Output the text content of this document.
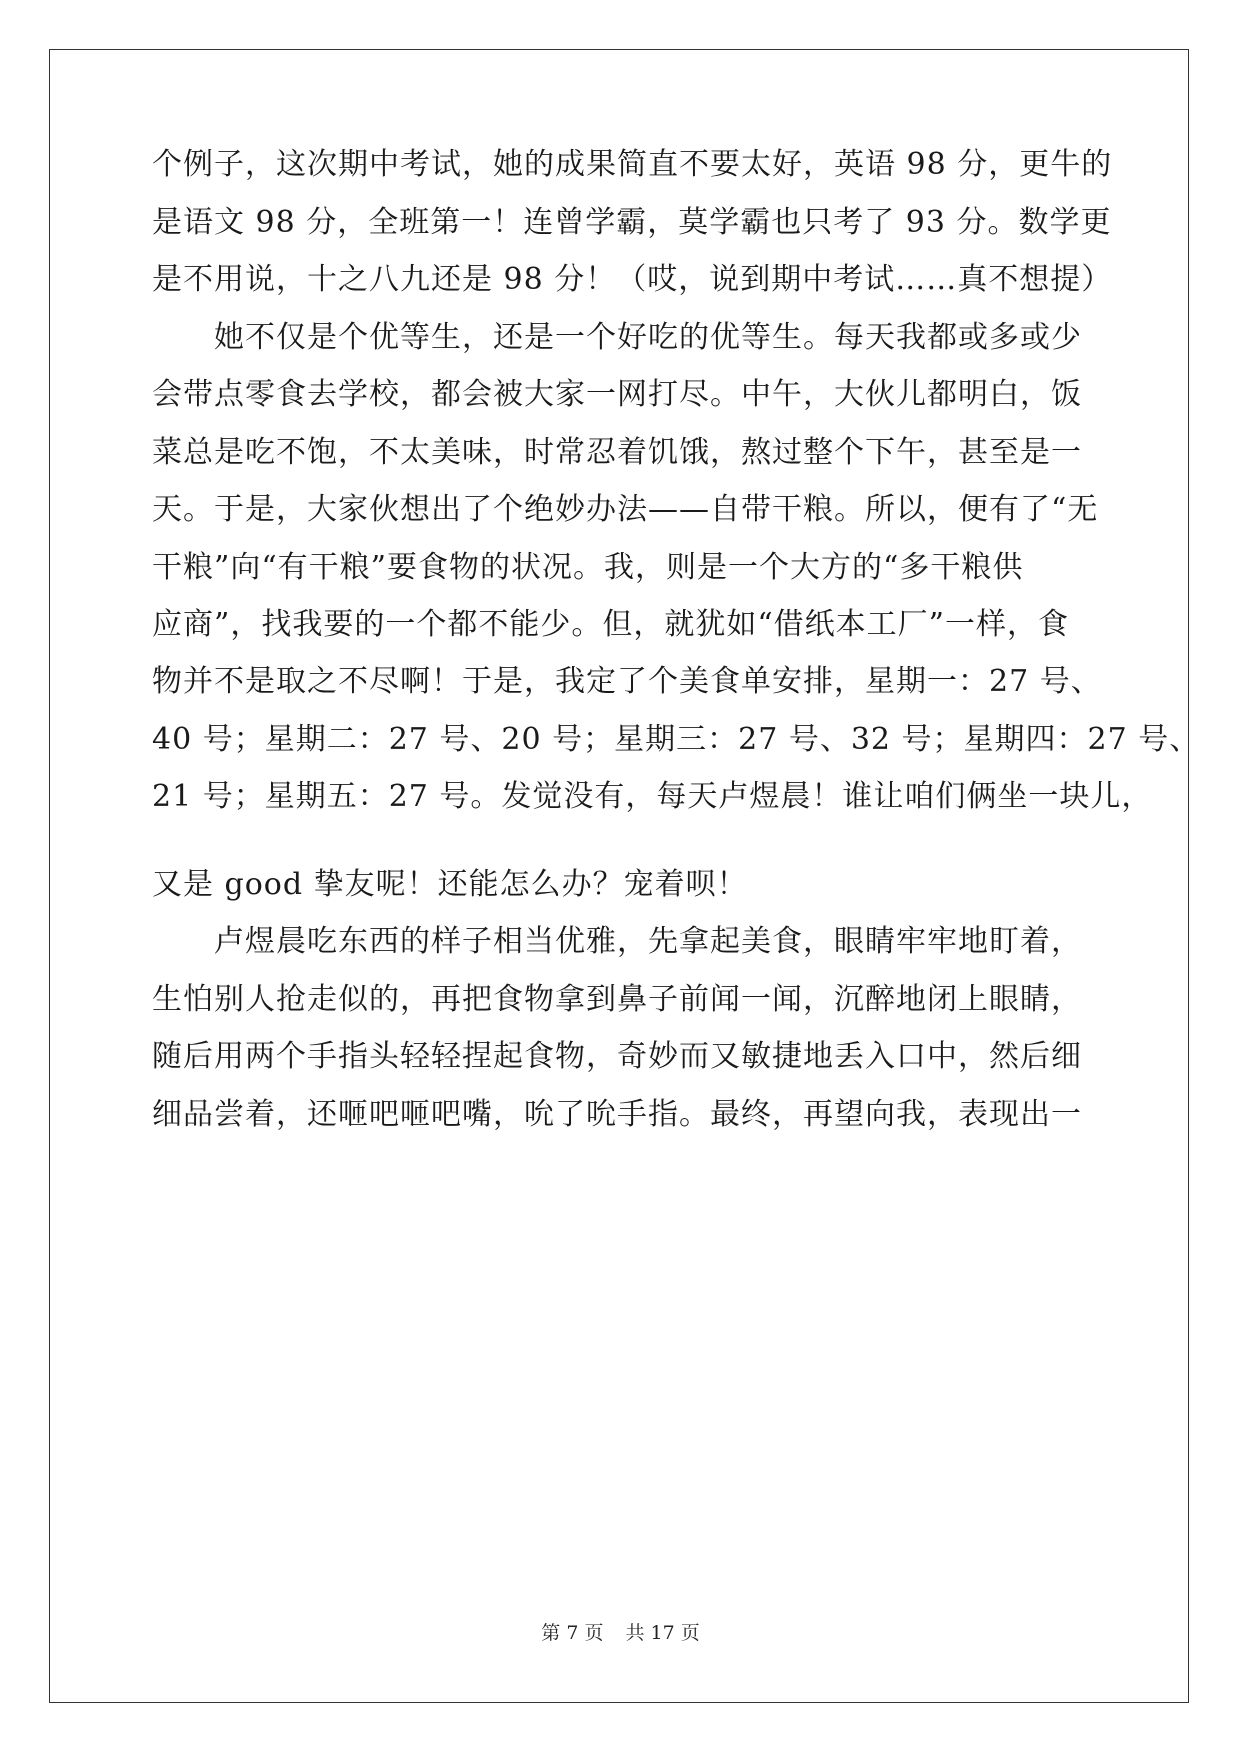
个例子，这次期中考试，她的成果简直不要太好，英语 98 分，更牛的
是语文 98 分，全班第一！连曾学霸，莫学霸也只考了 93 分。数学更
是不用说，十之八九还是 98 分！（哎，说到期中考试……真不想提）
　　她不仅是个优等生，还是一个好吃的优等生。每天我都或多或少
会带点零食去学校，都会被大家一网打尽。中午，大伙儿都明白，饭
菜总是吃不饱，不太美味，时常忍着饥饿，熬过整个下午，甚至是一
天。于是，大家伙想出了个绝妙办法——自带干粮。所以，便有了“无
干粮”向“有干粮”要食物的状况。我，则是一个大方的“多干粮供
应商”，找我要的一个都不能少。但，就犹如“借纸本工厂”一样，食
物并不是取之不尽啊！于是，我定了个美食单安排，星期一：27 号、
40 号；星期二：27 号、20 号；星期三：27 号、32 号；星期四：27 号、
21 号；星期五：27 号。发觉没有，每天卢煜晨！谁让咱们俩坐一块儿，
又是 good 挚友呢！还能怎么办？宠着呗！
　　卢煜晨吃东西的样子相当优雅，先拿起美食，眼睛牢牢地盯着，
生怕别人抢走似的，再把食物拿到鼻子前闻一闻，沉醉地闭上眼睛，
随后用两个手指头轻轻捏起食物，奇妙而又敏捷地丢入口中，然后细
细品尝着，还咂吧咂吧嘴，吮了吮手指。最终，再望向我，表现出一
第 7 页 共 17 页
